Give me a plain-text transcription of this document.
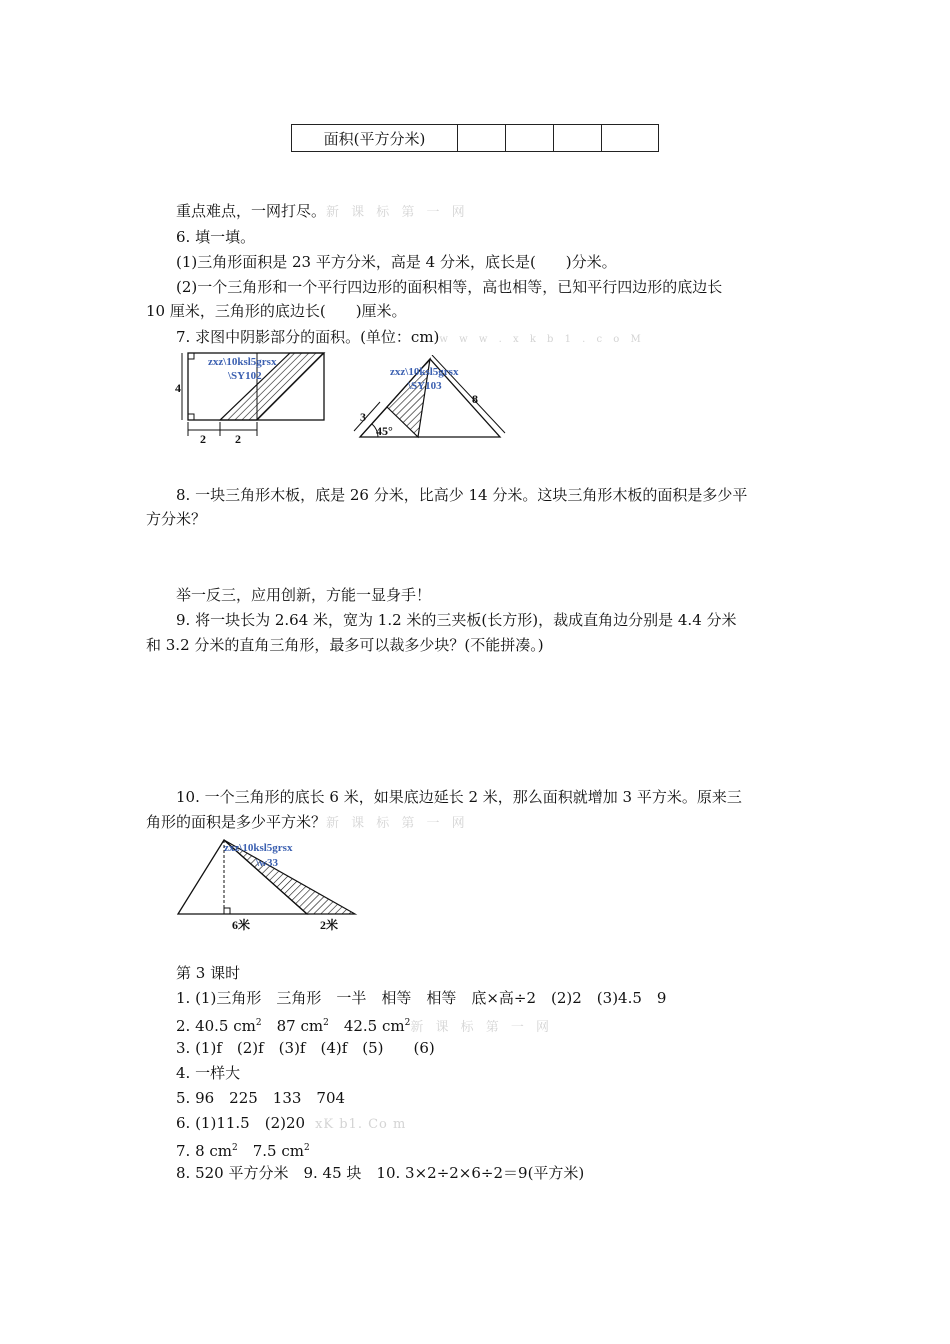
面积(平方分米)				
重点难点，一网打尽。新 课 标 第 一 网
6. 填一填。
(1)三角形面积是 23 平方分米，高是 4 分米，底长是(　　)分米。
(2)一个三角形和一个平行四边形的面积相等，高也相等，已知平行四边形的底边长
10 厘米，三角形的底边长(　　)厘米。
7. 求图中阴影部分的面积。(单位：cm)w w w . x k b 1 . c o M
4
2 2
zxz\10ksl5grsx
\SY102
3
8
45°
zxz\10ksl5grsx
\SY103
8. 一块三角形木板，底是 26 分米，比高少 14 分米。这块三角形木板的面积是多少平
方分米？
举一反三，应用创新，方能一显身手！
9. 将一块长为 2.64 米，宽为 1.2 米的三夹板(长方形)，裁成直角边分别是 4.4 分米
和 3.2 分米的直角三角形，最多可以裁多少块？(不能拼凑。)
10. 一个三角形的底长 6 米，如果底边延长 2 米，那么面积就增加 3 平方米。原来三
角形的面积是多少平方米？新 课 标 第 一 网
6米	2米
zxz\10ksl5grsx
\w33
第 3 课时
1. (1)三角形　三角形　一半　相等　相等　底×高÷2　(2)2　(3)4.5　9
2. 40.5 $cm^2$　87 $cm^2$　42.5 $cm^2$新 课 标 第 一 网
3. (1)f　(2)f　(3)f　(4)f　(5)　　(6)
4. 一样大
5. 96　225　133　704
6. (1)11.5　(2)20 xK b1. Co m
7. 8 $cm^2$　7.5 $cm^2$
8. 520 平方分米　9. 45 块　10. 3×2÷2×6÷2＝9(平方米)
